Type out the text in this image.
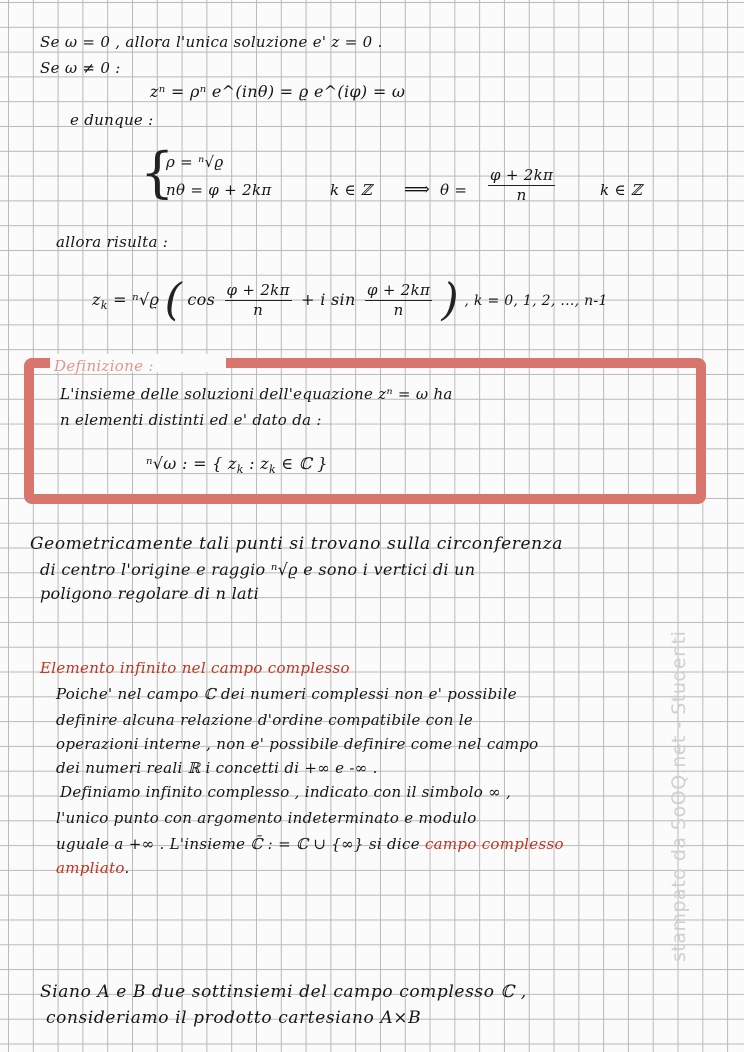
Se ω = 0 , allora l'unica soluzione e' z = 0 .
Se ω ≠ 0 :
zⁿ = ρⁿ e^(inθ) = ϱ e^(iφ) = ω
e dunque :
{
ρ = ⁿ√ϱ
nθ = φ + 2kπ	k ∈ ℤ ⟹ $\theta = \frac{\varphi + 2k\pi}{n}$	k ∈ ℤ
allora risulta :
$z_k = ^n√ϱ$ ( $\cos \frac{\varphi + 2k\pi}{n} + i$ $\sin \frac{\varphi + 2k\pi}{n}$ ) , k = 0, 1, 2, ..., n-1
Definizione :
L'insieme delle soluzioni dell'equazione zⁿ = ω ha
n elementi distinti ed e' dato da :
ⁿ√ω : = { $z_k$ : $z_k$ ∈ ℂ }
Geometricamente tali punti si trovano sulla circonferenza
di centro l'origine e raggio ⁿ√ϱ e sono i vertici di un
poligono regolare di n lati
Elemento infinito nel campo complesso
Poiche' nel campo ℂ dei numeri complessi non e' possibile
definire alcuna relazione d'ordine compatibile con le
operazioni interne , non e' possibile definire come nel campo
dei numeri reali ℝ i concetti di +∞ e -∞ .
Definiamo infinito complesso , indicato con il simbolo ∞ ,
l'unico punto con argomento indeterminato e modulo
uguale a +∞ . L'insieme ℂ̄ : = ℂ ∪ {∞} si dice campo complesso
ampliato.
Siano A e B due sottinsiemi del campo complesso ℂ ,
consideriamo il prodotto cartesiano A×B
stampato da SoOQ.net - Studenti
